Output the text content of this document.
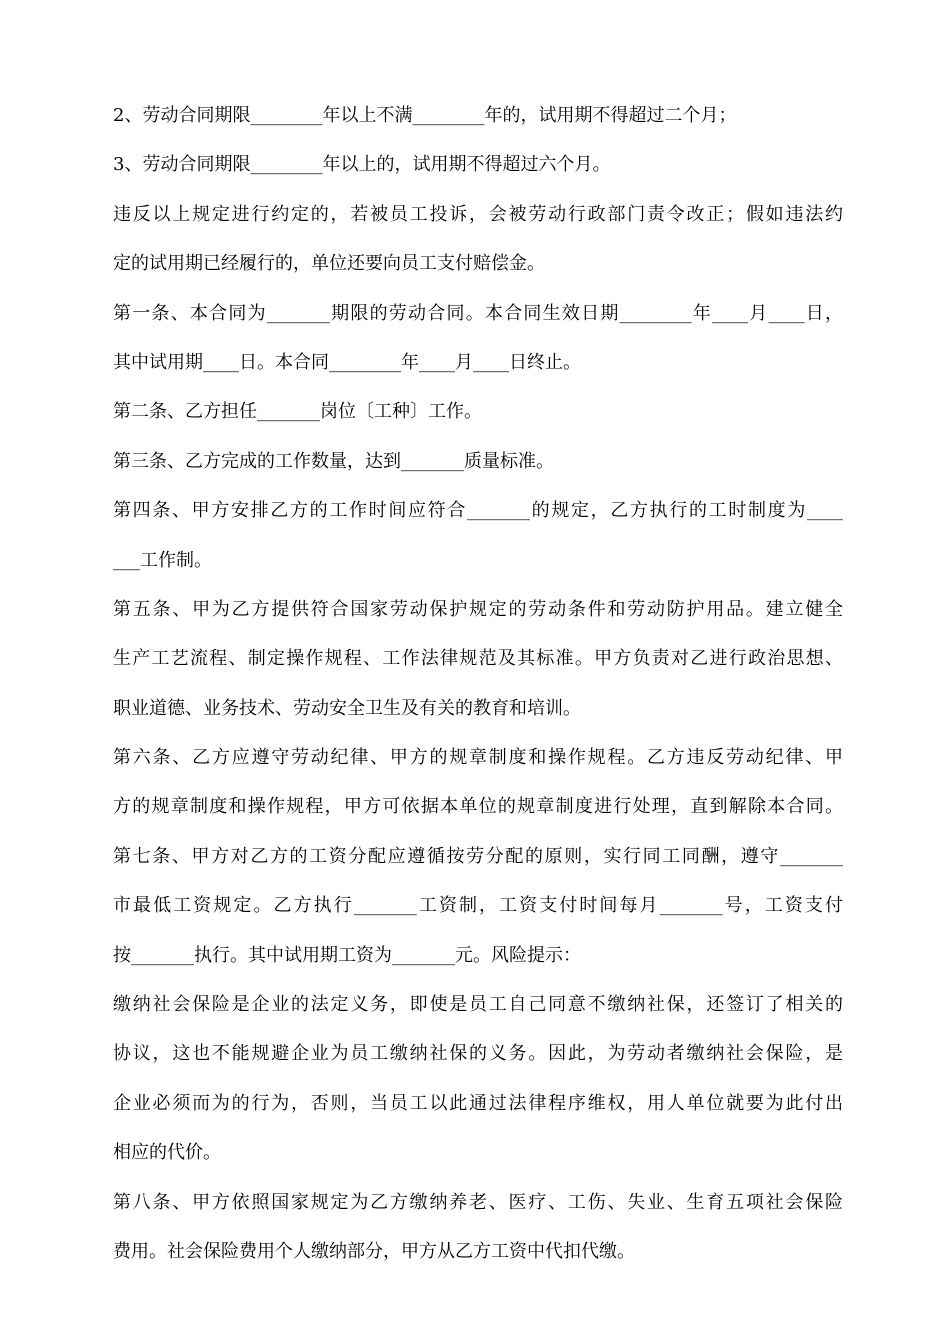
2、劳动合同期限________年以上不满________年的，试用期不得超过二个月；
3、劳动合同期限________年以上的，试用期不得超过六个月。
违反以上规定进行约定的，若被员工投诉，会被劳动行政部门责令改正；假如违法约
定的试用期已经履行的，单位还要向员工支付赔偿金。
第一条、本合同为_______期限的劳动合同。本合同生效日期________年____月____日，
其中试用期____日。本合同________年____月____日终止。
第二条、乙方担任_______岗位〔工种〕工作。
第三条、乙方完成的工作数量，达到_______质量标准。
第四条、甲方安排乙方的工作时间应符合_______的规定，乙方执行的工时制度为____
___工作制。
第五条、甲为乙方提供符合国家劳动保护规定的劳动条件和劳动防护用品。建立健全
生产工艺流程、制定操作规程、工作法律规范及其标准。甲方负责对乙进行政治思想、
职业道德、业务技术、劳动安全卫生及有关的教育和培训。
第六条、乙方应遵守劳动纪律、甲方的规章制度和操作规程。乙方违反劳动纪律、甲
方的规章制度和操作规程，甲方可依据本单位的规章制度进行处理，直到解除本合同。
第七条、甲方对乙方的工资分配应遵循按劳分配的原则，实行同工同酬，遵守_______
市最低工资规定。乙方执行_______工资制，工资支付时间每月_______号，工资支付
按_______执行。其中试用期工资为_______元。风险提示：
缴纳社会保险是企业的法定义务，即使是员工自己同意不缴纳社保，还签订了相关的
协议，这也不能规避企业为员工缴纳社保的义务。因此，为劳动者缴纳社会保险，是
企业必须而为的行为，否则，当员工以此通过法律程序维权，用人单位就要为此付出
相应的代价。
第八条、甲方依照国家规定为乙方缴纳养老、医疗、工伤、失业、生育五项社会保险
费用。社会保险费用个人缴纳部分，甲方从乙方工资中代扣代缴。
